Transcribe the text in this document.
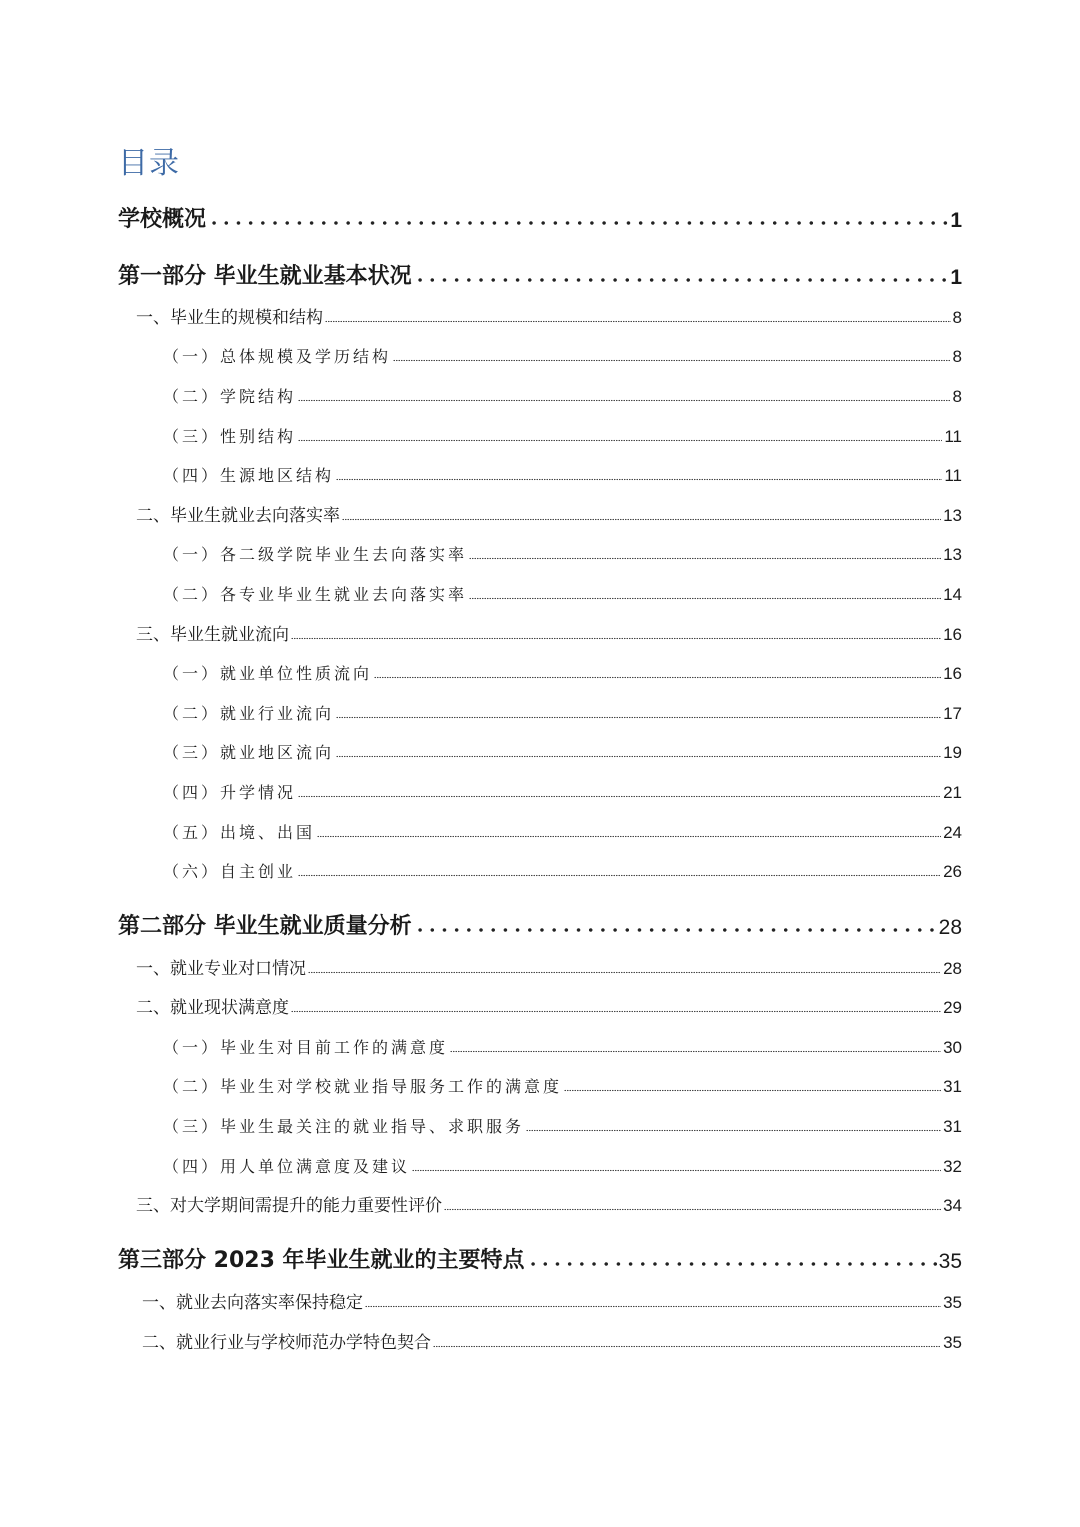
目录
学校概况	1
第一部分 毕业生就业基本状况	1
一、毕业生的规模和结构	8
（一）总体规模及学历结构	8
（二）学院结构	8
（三）性别结构	11
（四）生源地区结构	11
二、毕业生就业去向落实率	13
（一）各二级学院毕业生去向落实率	13
（二）各专业毕业生就业去向落实率	14
三、毕业生就业流向	16
（一）就业单位性质流向	16
（二）就业行业流向	17
（三）就业地区流向	19
（四）升学情况	21
（五）出境、出国	24
（六）自主创业	26
第二部分 毕业生就业质量分析	28
一、就业专业对口情况	28
二、就业现状满意度	29
（一）毕业生对目前工作的满意度	30
（二）毕业生对学校就业指导服务工作的满意度	31
（三）毕业生最关注的就业指导、求职服务	31
（四）用人单位满意度及建议	32
三、对大学期间需提升的能力重要性评价	34
第三部分 2023 年毕业生就业的主要特点	35
一、就业去向落实率保持稳定	35
二、就业行业与学校师范办学特色契合	35
